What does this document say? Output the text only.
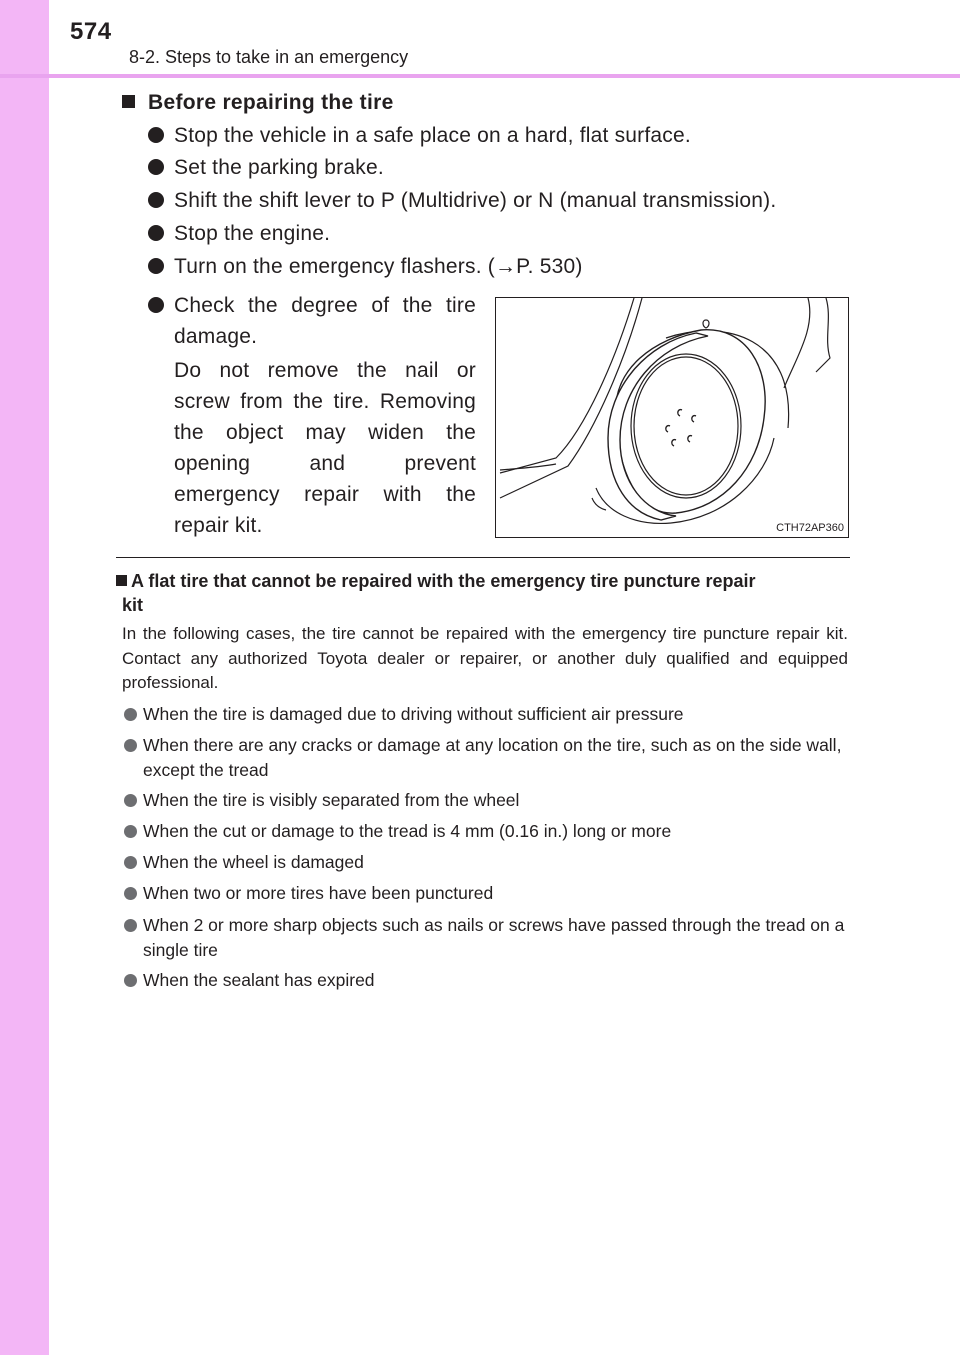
574
8-2. Steps to take in an emergency
Before repairing the tire
Stop the vehicle in a safe place on a hard, flat surface.
Set the parking brake.
Shift the shift lever to P (Multidrive) or N (manual transmission).
Stop the engine.
Turn on the emergency flashers. (→P. 530)
Check the degree of the tire
damage.
Do not remove the nail or screw from the tire. Removing the object may widen the opening and prevent emergency repair with the repair kit.	CTH72AP360
A flat tire that cannot be repaired with the emergency tire puncture repair
kit
In the following cases, the tire cannot be repaired with the emergency tire puncture repair kit. Contact any authorized Toyota dealer or repairer, or another duly qualified and equipped professional.
When the tire is damaged due to driving without sufficient air pressure
When there are any cracks or damage at any location on the tire, such as on the side wall, except the tread
When the tire is visibly separated from the wheel
When the cut or damage to the tread is 4 mm (0.16 in.) long or more
When the wheel is damaged
When two or more tires have been punctured
When 2 or more sharp objects such as nails or screws have passed through the tread on a single tire
When the sealant has expired
